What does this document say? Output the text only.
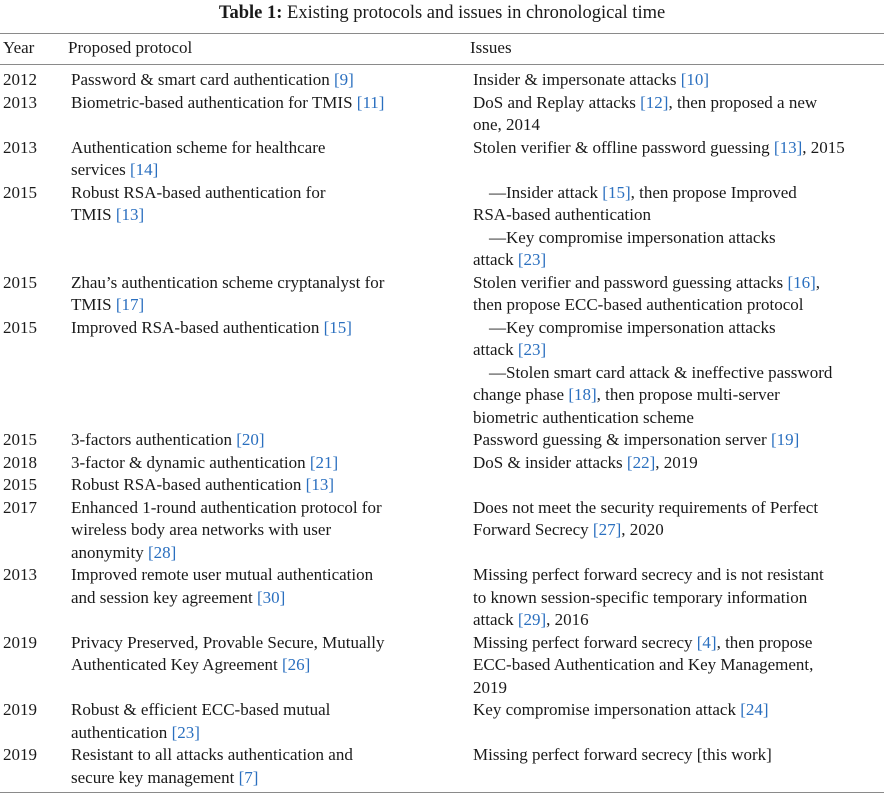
Table 1: Existing protocols and issues in chronological time
Year Proposed protocol	Issues
2012	Password & smart card authentication [9]	Insider & impersonate attacks [10]

2013	Biometric-based authentication for TMIS [11]	DoS and Replay attacks [12], then proposed a new
one, 2014

2013	Authentication scheme for healthcare
services [14]	Stolen verifier & offline password guessing [13], 2015

2015	Robust RSA-based authentication for
TMIS [13]	—Insider attack [15], then propose Improved
RSA-based authentication
—Key compromise impersonation attacks
attack [23]

2015	Zhau’s authentication scheme cryptanalyst for
TMIS [17]	Stolen verifier and password guessing attacks [16],
then propose ECC-based authentication protocol

2015	Improved RSA-based authentication [15]	—Key compromise impersonation attacks
attack [23]
—Stolen smart card attack & ineffective password
change phase [18], then propose multi-server
biometric authentication scheme

2015	3-factors authentication [20]	Password guessing & impersonation server [19]

2018	3-factor & dynamic authentication [21]	DoS & insider attacks [22], 2019

2015	Robust RSA-based authentication [13]	

2017	Enhanced 1-round authentication protocol for
wireless body area networks with user
anonymity [28]	Does not meet the security requirements of Perfect
Forward Secrecy [27], 2020

2013	Improved remote user mutual authentication
and session key agreement [30]	Missing perfect forward secrecy and is not resistant
to known session-specific temporary information
attack [29], 2016

2019	Privacy Preserved, Provable Secure, Mutually
Authenticated Key Agreement [26]	Missing perfect forward secrecy [4], then propose
ECC-based Authentication and Key Management,
2019

2019	Robust & efficient ECC-based mutual
authentication [23]	Key compromise impersonation attack [24]

2019	Resistant to all attacks authentication and
secure key management [7]	Missing perfect forward secrecy [this work]
